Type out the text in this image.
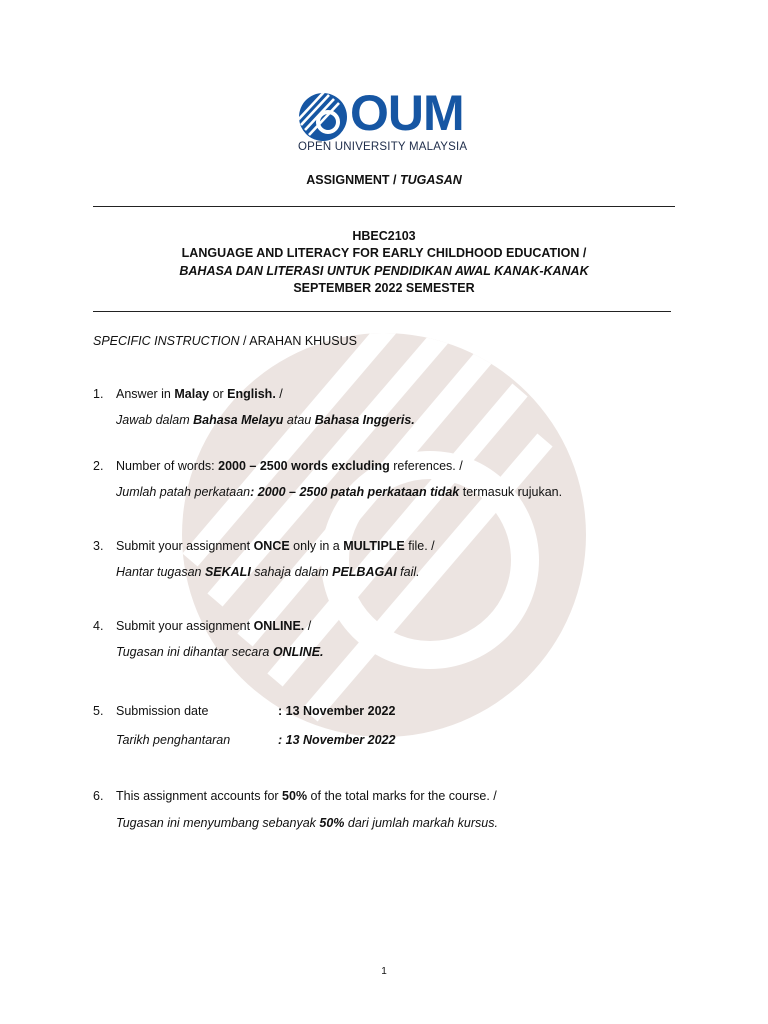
OUM
OPEN UNIVERSITY MALAYSIA
ASSIGNMENT / TUGASAN
HBEC2103
LANGUAGE AND LITERACY FOR EARLY CHILDHOOD EDUCATION /
BAHASA DAN LITERASI UNTUK PENDIDIKAN AWAL KANAK-KANAK
SEPTEMBER 2022 SEMESTER
SPECIFIC INSTRUCTION / ARAHAN KHUSUS
1. Answer in Malay or English. /
Jawab dalam Bahasa Melayu atau Bahasa Inggeris.
2. Number of words: 2000 – 2500 words excluding references. /
Jumlah patah perkataan: 2000 – 2500 patah perkataan tidak termasuk rujukan.
3. Submit your assignment ONCE only in a MULTIPLE file. /
Hantar tugasan SEKALI sahaja dalam PELBAGAI fail.
4. Submit your assignment ONLINE. /
Tugasan ini dihantar secara ONLINE.
5. Submission date	: 13 November 2022
Tarikh penghantaran	: 13 November 2022
6. This assignment accounts for 50% of the total marks for the course. /
Tugasan ini menyumbang sebanyak 50% dari jumlah markah kursus.
1
